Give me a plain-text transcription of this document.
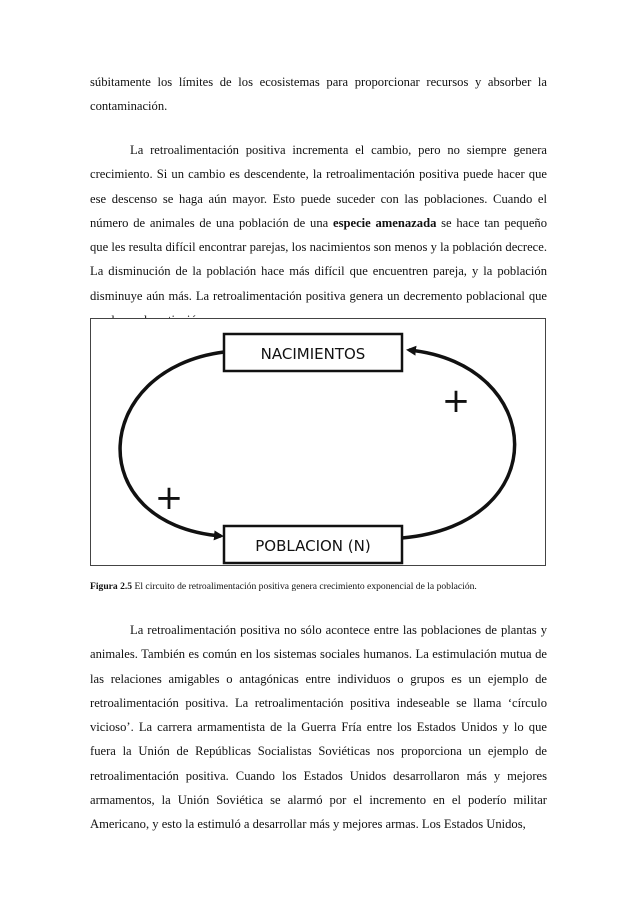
súbitamente los límites de los ecosistemas para proporcionar recursos y absorber la contaminación.

La retroalimentación positiva incrementa el cambio, pero no siempre genera crecimiento. Si un cambio es descendente, la retroalimentación positiva puede hacer que ese descenso se haga aún mayor. Esto puede suceder con las poblaciones. Cuando el número de animales de una población de una especie amenazada se hace tan pequeño que les resulta difícil encontrar parejas, los nacimientos son menos y la población decrece. La disminución de la población hace más difícil que encuentren pareja, y la población disminuye aún más. La retroalimentación positiva genera un decremento poblacional que

NACIMIENTOS
POBLACION (N)
+
+
Figura 2.5 El circuito de retroalimentación positiva genera crecimiento exponencial de la población.

La retroalimentación positiva no sólo acontece entre las poblaciones de plantas y animales. También es común en los sistemas sociales humanos. La estimulación mutua de las relaciones amigables o antagónicas entre individuos o grupos es un ejemplo de retroalimentación positiva. La retroalimentación positiva indeseable se llama ‘círculo vicioso’. La carrera armamentista de la Guerra Fría entre los Estados Unidos y lo que fuera la Unión de Repúblicas Socialistas Soviéticas nos proporciona un ejemplo de retroalimentación positiva. Cuando los Estados Unidos desarrollaron más y mejores armamentos, la Unión Soviética se alarmó por el incremento en el poderío militar Americano, y esto la estimuló a desarrollar más y mejores armas. Los Estados Unidos,
